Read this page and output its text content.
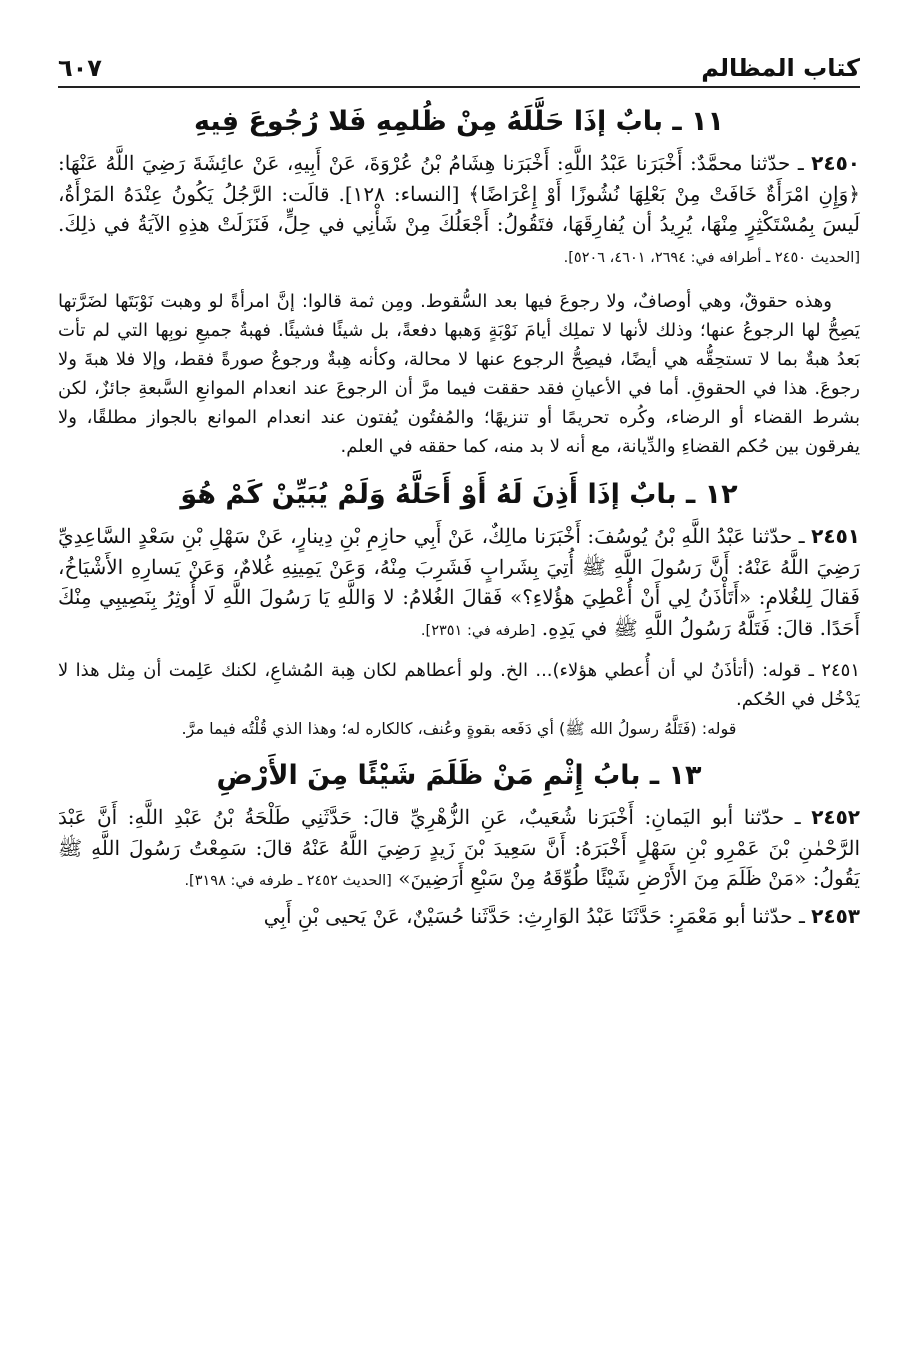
كتاب المظالم
٦٠٧
١١ ـ بابٌ إذَا حَلَّلَهُ مِنْ ظُلمِهِ فَلا رُجُوعَ فِيهِ

٢٤٥٠ ـ حدّثنا محمَّدٌ: أَخْبَرَنا عَبْدُ اللَّهِ: أَخْبَرَنا هِشَامُ بْنُ عُرْوَةَ، عَنْ أَبِيهِ، عَنْ عائِشَةَ رَضِيَ اللَّهُ عَنْهَا: ﴿وَإِنِ امْرَأَةٌ خَافَتْ مِنْ بَعْلِهَا نُشُوزًا أَوْ إِعْرَاضًا﴾ [النساء: ١٢٨]. قالَت: الرَّجُلُ يَكُونُ عِنْدَهُ المَرْأَةُ، لَيسَ بِمُسْتَكْثِرٍ مِنْهَا، يُرِيدُ أن يُفارِقَهَا، فتَقُولُ: أَجْعَلُكَ مِنْ شَأْنِي في حِلٍّ، فَنَزَلَتْ هذِهِ الآيَةُ في ذلِكَ. [الحديث ٢٤٥٠ ـ أطرافه في: ٢٦٩٤، ٤٦٠١، ٥٢٠٦].

وهذه حقوقٌ، وهي أوصافٌ، ولا رجوعَ فيها بعد السُّقوط. ومِن ثمة قالوا: إنَّ امرأةً لو وهبت نَوْبَتَها لضَرَّتها يَصِحُّ لها الرجوعُ عنها؛ وذلك لأنها لا تملِك أيامَ نَوْبَةٍ وَهبها دفعةً، بل شيئًا فشيئًا. فهبةُ جميعِ نوبِها التي لم تأت بَعدُ هبةٌ بما لا تستحِقُّه هي أيضًا، فيصِحُّ الرجوع عنها لا محالة، وكأنه هِبةٌ ورجوعٌ صورةً فقط، وإلا فلا هبةَ ولا رجوعَ. هذا في الحقوقِ. أما في الأعيانِ فقد حققت فيما مرَّ أن الرجوعَ عند انعدام الموانعِ السَّبعةِ جائزٌ، لكن بشرط القضاء أو الرضاء، وكُره تحريمًا أو تنزيهًا؛ والمُفتُون يُفتون عند انعدام الموانع بالجواز مطلقًا، ولا يفرقون بين حُكم القضاءِ والدِّيانة، مع أنه لا بد منه، كما حققه في العلم.

١٢ ـ بابٌ إذَا أَذِنَ لَهُ أَوْ أَحَلَّهُ وَلَمْ يُبَيِّنْ كَمْ هُوَ

٢٤٥١ ـ حدّثنا عَبْدُ اللَّهِ بْنُ يُوسُفَ: أَخْبَرَنا مالِكٌ، عَنْ أَبِي حازِمِ بْنِ دِينارٍ، عَنْ سَهْلِ بْنِ سَعْدٍ السَّاعِدِيِّ رَضِيَ اللَّهُ عَنْهُ: أَنَّ رَسُولَ اللَّهِ ﷺ أُتِيَ بِشَرابٍ فَشَرِبَ مِنْهُ، وَعَنْ يَمِينِهِ غُلامٌ، وَعَنْ يَسارِهِ الأَشْيَاخُ، فَقالَ لِلغُلامِ: «أَتَأْذَنُ لِي أَنْ أُعْطِيَ هؤُلاءِ؟» فَقالَ الغُلامُ: لا وَاللَّهِ يَا رَسُولَ اللَّهِ لَا أُوثِرُ بِنَصِيبِي مِنْكَ أَحَدًا. قالَ: فَتَلَّهُ رَسُولُ اللَّهِ ﷺ في يَدِهِ. [طرفه في: ٢٣٥١].

٢٤٥١ ـ قوله: (أتأذَنُ لي أن أُعطي هؤلاء)... الخ. ولو أعطاهم لكان هِبة المُشاعِ، لكنك عَلِمت أن مِثل هذا لا يَدْخُل في الحُكم.

قوله: (فَتَلَّهُ رسولُ الله ﷺ) أي دَفَعه بقوةٍ وعُنف، كالكاره له؛ وهذا الذي قُلْتُه فيما مرَّ.

١٣ ـ بابُ إِثْمِ مَنْ ظَلَمَ شَيْئًا مِنَ الأَرْضِ

٢٤٥٢ ـ حدّثنا أبو اليَمانِ: أَخْبَرَنا شُعَيبٌ، عَنِ الزُّهْرِيِّ قالَ: حَدَّثَنِي طَلْحَةُ بْنُ عَبْدِ اللَّهِ: أَنَّ عَبْدَ الرَّحْمٰنِ بْنَ عَمْرِو بْنِ سَهْلٍ أَخْبَرَهُ: أَنَّ سَعِيدَ بْنَ زَيدٍ رَضِيَ اللَّهُ عَنْهُ قالَ: سَمِعْتُ رَسُولَ اللَّهِ ﷺ يَقُولُ: «مَنْ ظَلَمَ مِنَ الأَرْضِ شَيْئًا طُوِّقَهُ مِنْ سَبْعِ أَرَضِينَ» [الحديث ٢٤٥٢ ـ طرفه في: ٣١٩٨].

٢٤٥٣ ـ حدّثنا أبو مَعْمَرٍ: حَدَّثَنَا عَبْدُ الوَارِثِ: حَدَّثَنا حُسَيْنٌ، عَنْ يَحيى بْنِ أَبِي
